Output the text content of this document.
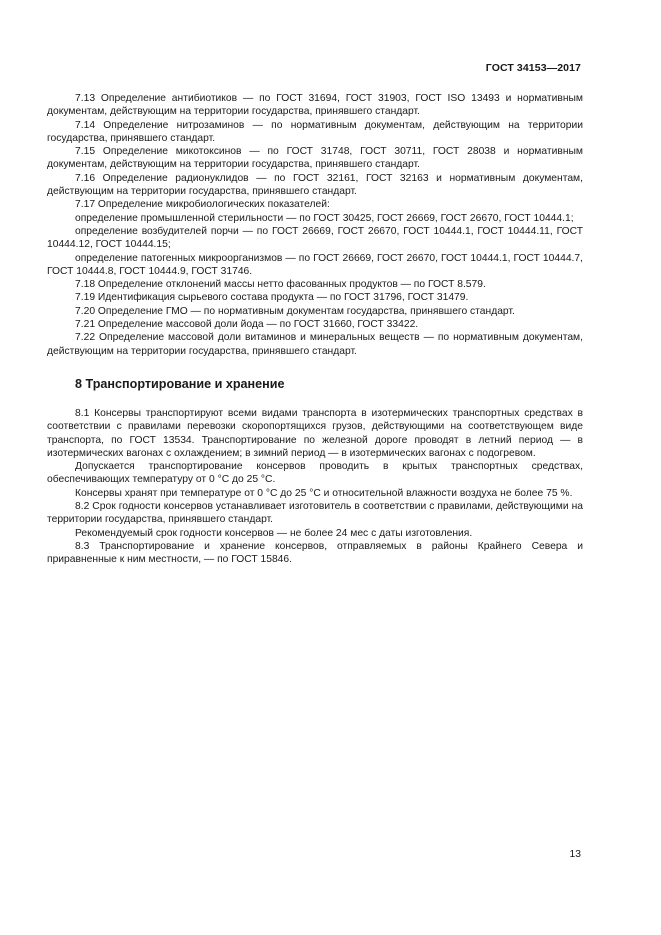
ГОСТ 34153—2017

7.13 Определение антибиотиков — по ГОСТ 31694, ГОСТ 31903, ГОСТ ISO 13493 и нормативным документам, действующим на территории государства, принявшего стандарт.

7.14 Определение нитрозаминов — по нормативным документам, действующим на территории государства, принявшего стандарт.

7.15 Определение микотоксинов — по ГОСТ 31748, ГОСТ 30711, ГОСТ 28038 и нормативным документам, действующим на территории государства, принявшего стандарт.

7.16 Определение радионуклидов — по ГОСТ 32161, ГОСТ 32163 и нормативным документам, действующим на территории государства, принявшего стандарт.

7.17 Определение микробиологических показателей:

определение промышленной стерильности — по ГОСТ 30425, ГОСТ 26669, ГОСТ 26670, ГОСТ 10444.1;

определение возбудителей порчи — по ГОСТ 26669, ГОСТ 26670, ГОСТ 10444.1, ГОСТ 10444.11, ГОСТ 10444.12, ГОСТ 10444.15;

определение патогенных микроорганизмов — по ГОСТ 26669, ГОСТ 26670, ГОСТ 10444.1, ГОСТ 10444.7, ГОСТ 10444.8, ГОСТ 10444.9, ГОСТ 31746.

7.18 Определение отклонений массы нетто фасованных продуктов — по ГОСТ 8.579.

7.19 Идентификация сырьевого состава продукта — по ГОСТ 31796, ГОСТ 31479.

7.20 Определение ГМО — по нормативным документам государства, принявшего стандарт.

7.21 Определение массовой доли йода — по ГОСТ 31660, ГОСТ 33422.

7.22 Определение массовой доли витаминов и минеральных веществ — по нормативным документам, действующим на территории государства, принявшего стандарт.

8 Транспортирование и хранение

8.1 Консервы транспортируют всеми видами транспорта в изотермических транспортных средствах в соответствии с правилами перевозки скоропортящихся грузов, действующими на соответствующем виде транспорта, по ГОСТ 13534. Транспортирование по железной дороге проводят в летний период — в изотермических вагонах с охлаждением; в зимний период — в изотермических вагонах с подогревом.

Допускается транспортирование консервов проводить в крытых транспортных средствах, обеспечивающих температуру от 0 °С до 25 °С.

Консервы хранят при температуре от 0 °С до 25 °С и относительной влажности воздуха не более 75 %.

8.2 Срок годности консервов устанавливает изготовитель в соответствии с правилами, действующими на территории государства, принявшего стандарт.

Рекомендуемый срок годности консервов — не более 24 мес с даты изготовления.

8.3 Транспортирование и хранение консервов, отправляемых в районы Крайнего Севера и приравненные к ним местности, — по ГОСТ 15846.

13
